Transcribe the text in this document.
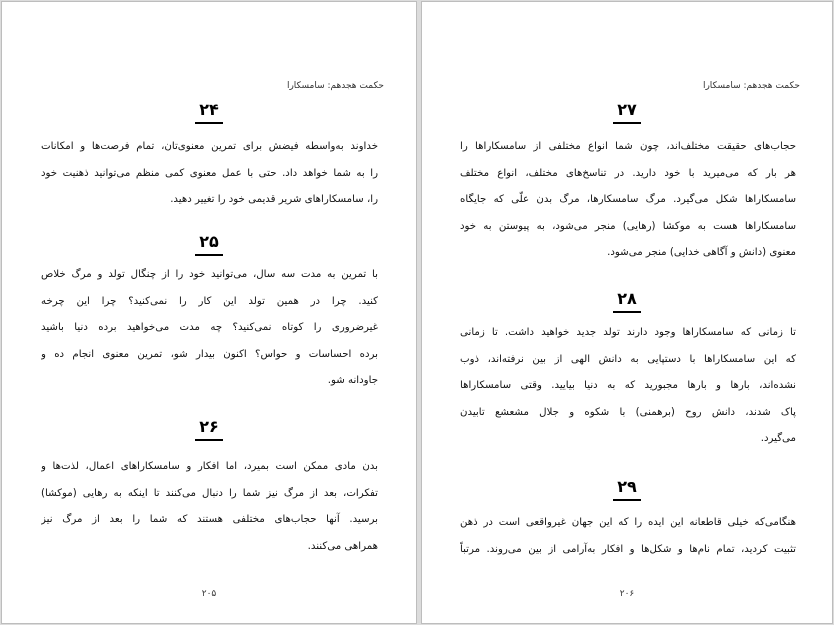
حکمت هجدهم: سامسکارا
۲۴
خداوند به‌واسطه فیضش برای تمرین معنوی‌تان، تمام فرصت‌ها و امکانات
را به شما خواهد داد. حتی با عمل معنوی کمی منظم می‌توانید ذهنیت خود
را، سامسکاراهای شریر قدیمی خود را تغییر دهید.
۲۵
با تمرین به مدت سه سال، می‌توانید خود را از چنگال تولد و مرگ خلاص
کنید. چرا در همین تولد این کار را نمی‌کنید؟ چرا این چرخه
غیرضروری را کوتاه نمی‌کنید؟ چه مدت می‌خواهید برده دنیا باشید
برده احساسات و حواس؟ اکنون بیدار شو، تمرین معنوی انجام ده و
جاودانه شو.
۲۶
بدن مادی ممکن است بمیرد، اما افکار و سامسکاراهای اعمال، لذت‌ها و
تفکرات، بعد از مرگ نیز شما را دنبال می‌کنند تا اینکه به رهایی (موکشا)
برسید. آنها حجاب‌های مختلفی هستند که شما را بعد از مرگ نیز
همراهی می‌کنند.
۲۰۵
حکمت هجدهم: سامسکارا
۲۷
حجاب‌های حقیقت مختلف‌اند، چون شما انواع مختلفی از سامسکاراها را
هر بار که می‌میرید با خود دارید. در تناسخ‌های مختلف، انواع مختلف
سامسکاراها شکل می‌گیرد. مرگ سامسکارها، مرگ بدن علّی که جایگاه
سامسکاراها هست به موکشا (رهایی) منجر می‌شود، به پیوستن به خود
معنوی (دانش و آگاهی خدایی) منجر می‌شود.
۲۸
تا زمانی که سامسکاراها وجود دارند تولد جدید خواهید داشت. تا زمانی
که این سامسکاراها با دستپایی به دانش الهی از بین نرفته‌اند، ذوب
نشده‌اند، بارها و بارها مجبورید که به دنیا بیایید. وقتی سامسکاراها
پاک شدند، دانش روح (برهمنی) با شکوه و جلال مشعشع تابیدن
می‌گیرد.
۲۹
هنگامی‌که خیلی قاطعانه این ایده را که این جهان غیرواقعی است در ذهن
تثبیت کردید، تمام نام‌ها و شکل‌ها و افکار به‌آرامی از بین می‌روند. مرتباً
۲۰۶
